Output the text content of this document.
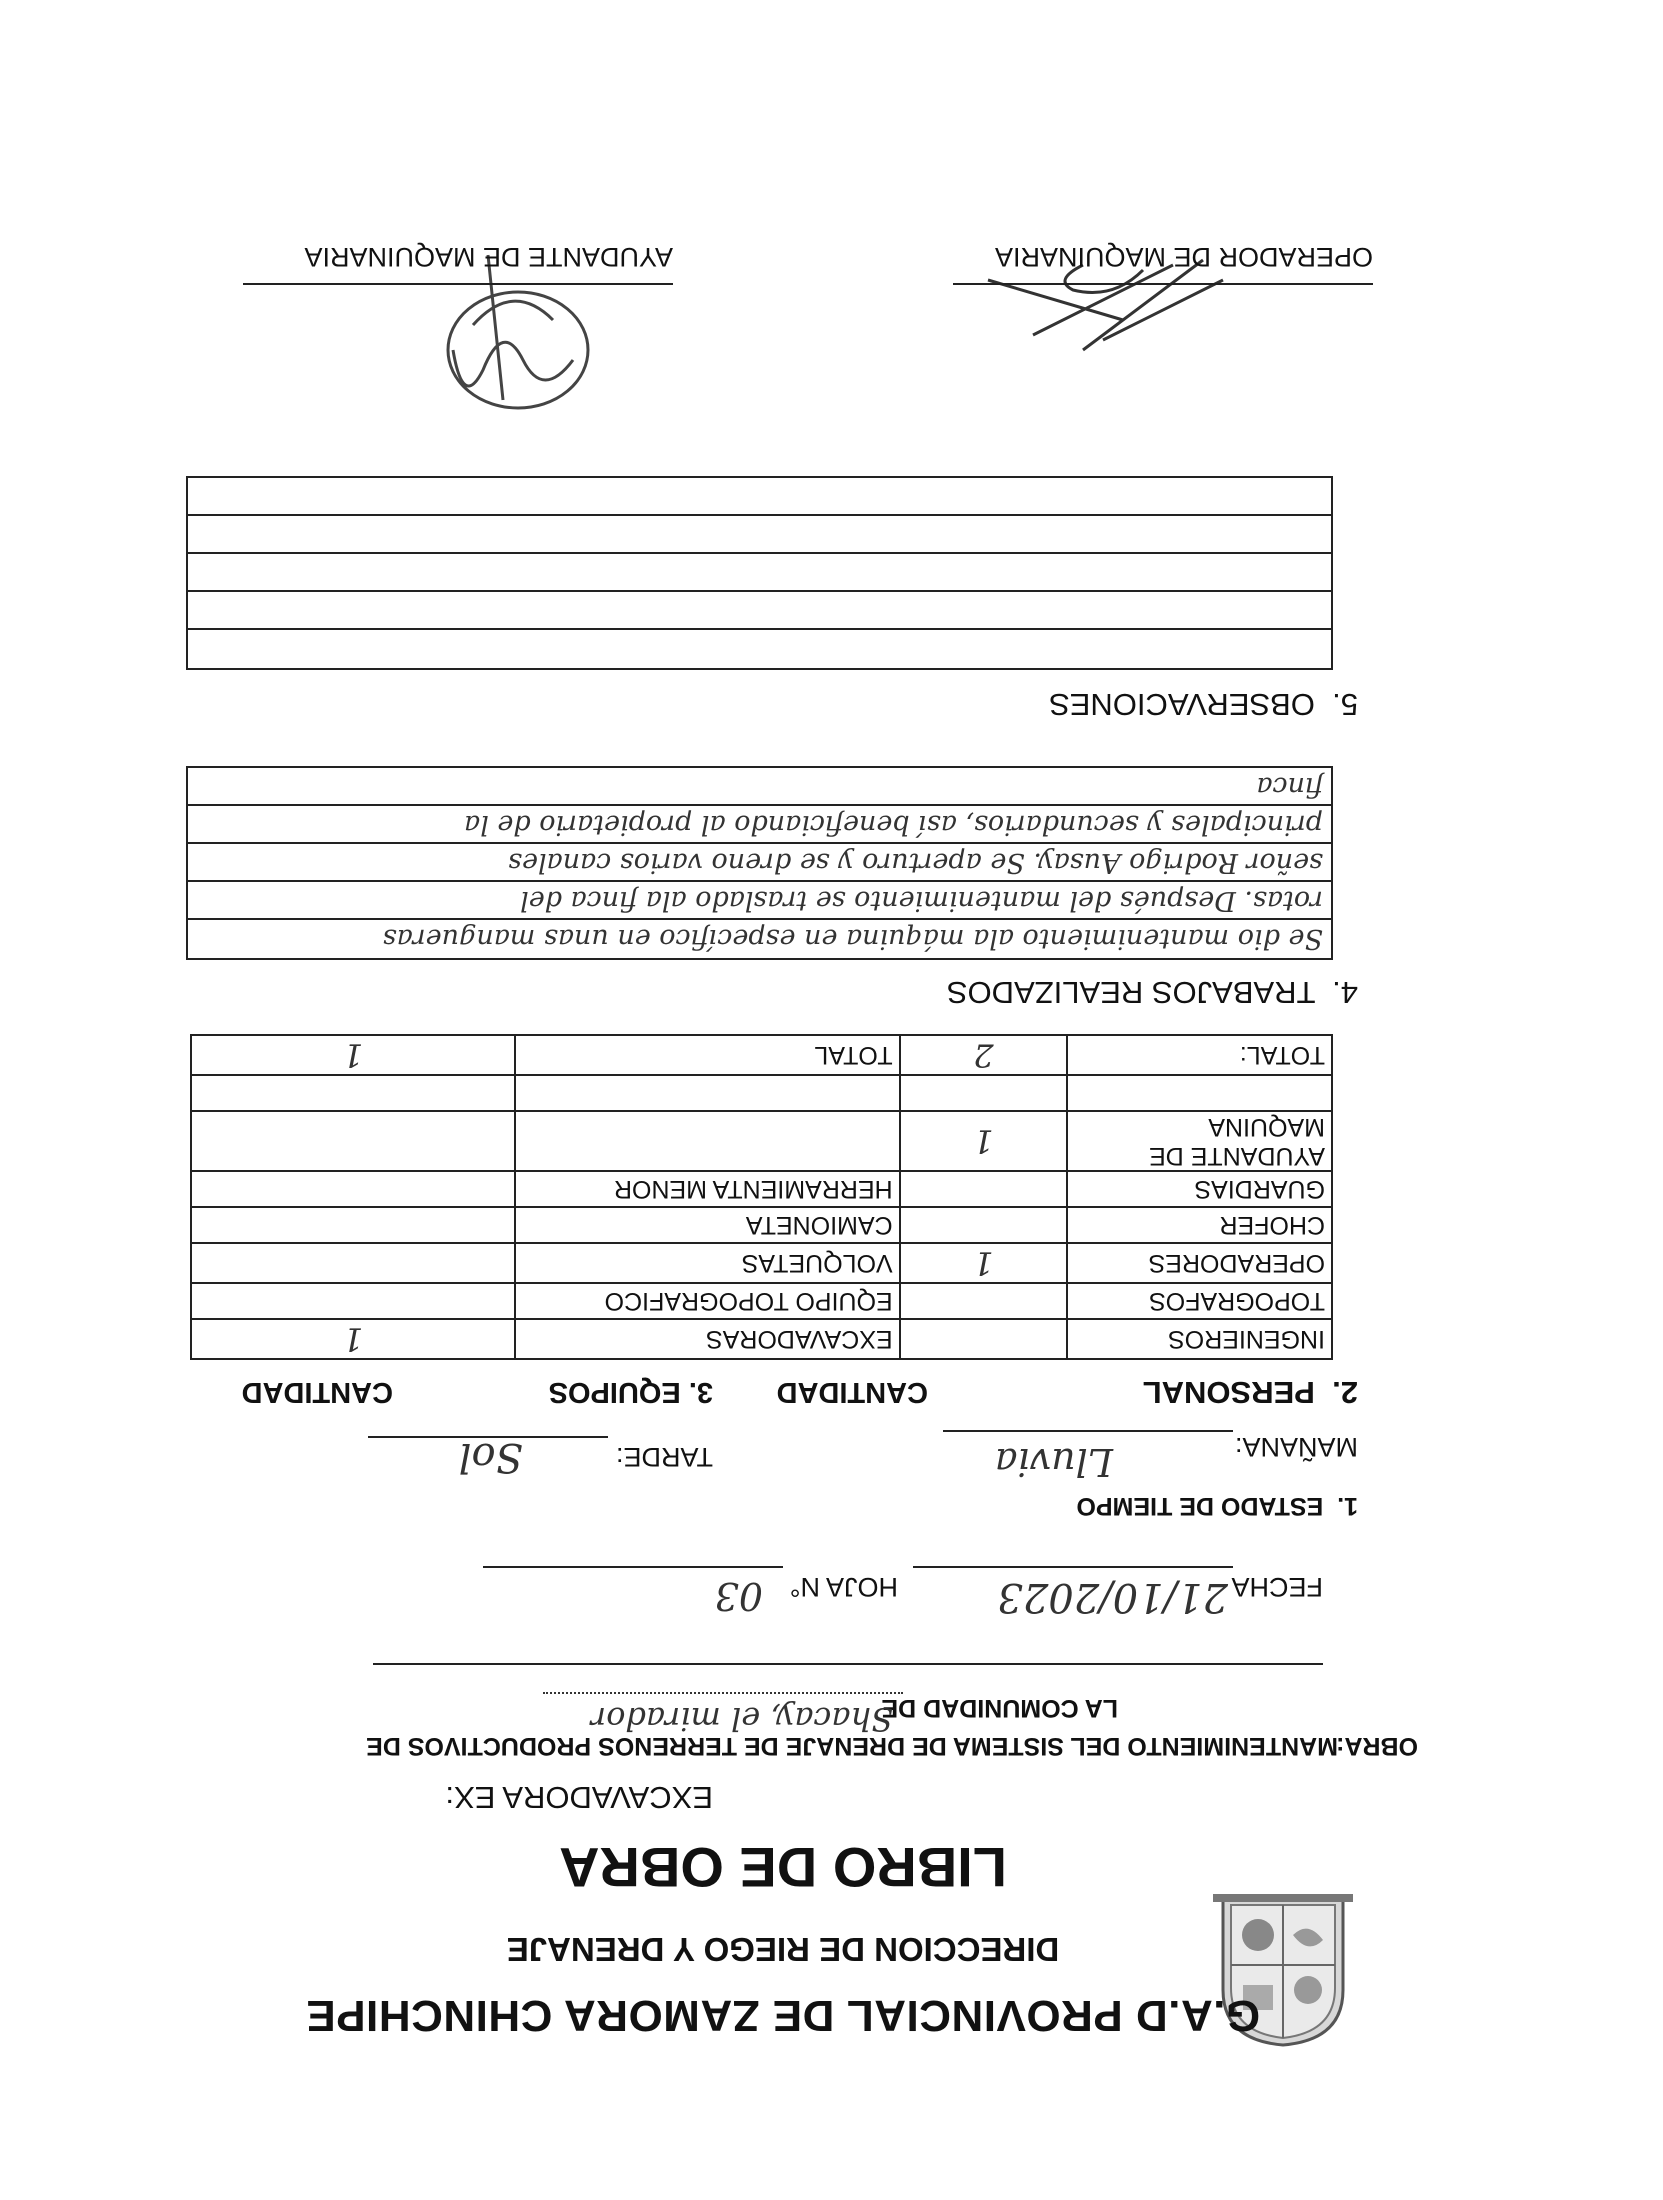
G.A.D PROVINCIAL DE ZAMORA CHINCHIPE
DIRECCION DE RIEGO Y DRENAJE
LIBRO DE OBRA
EXCAVADORA EX:
OBRA:
MANTENIMIENTO DEL SISTEMA DE DRENAJE DE TERRENOS PRODUCTIVOS DE
LA COMUNIDAD DE
Shacay, el mirador
FECHA
21/10/2023
HOJA N°
03
1.  ESTADO DE TIEMPO
MAÑANA:
Lluvia
TARDE:
Sol
2.  PERSONAL
CANTIDAD
3. EQUIPOS
CANTIDAD
INGENIEROS		EXCAVADORAS	1
TOPOGRAFOS		EQUIPO TOPOGRAFICO	
OPERADORES	1	VOLQUETAS	
CHOFER		CAMIONETA	
GUARDIAS		HERRAMIENTA MENOR	
AYUDANTE DE MAQUINA	1		

TOTAL:	2	TOTAL	1
4.  TRABAJOS REALIZADOS
Se dio mantenimiento ala máquina en específico en unas mangueras
rotas. Después del mantenimiento se traslado ala finca del
señor Rodrigo Ausay. Se aperturo y se dreno varios canales
principales y secundarios, así beneficiando al propietario de la
finca
5.  OBSERVACIONES
OPERADOR DE MAQUINARIA
AYUDANTE DE MAQUINARIA
